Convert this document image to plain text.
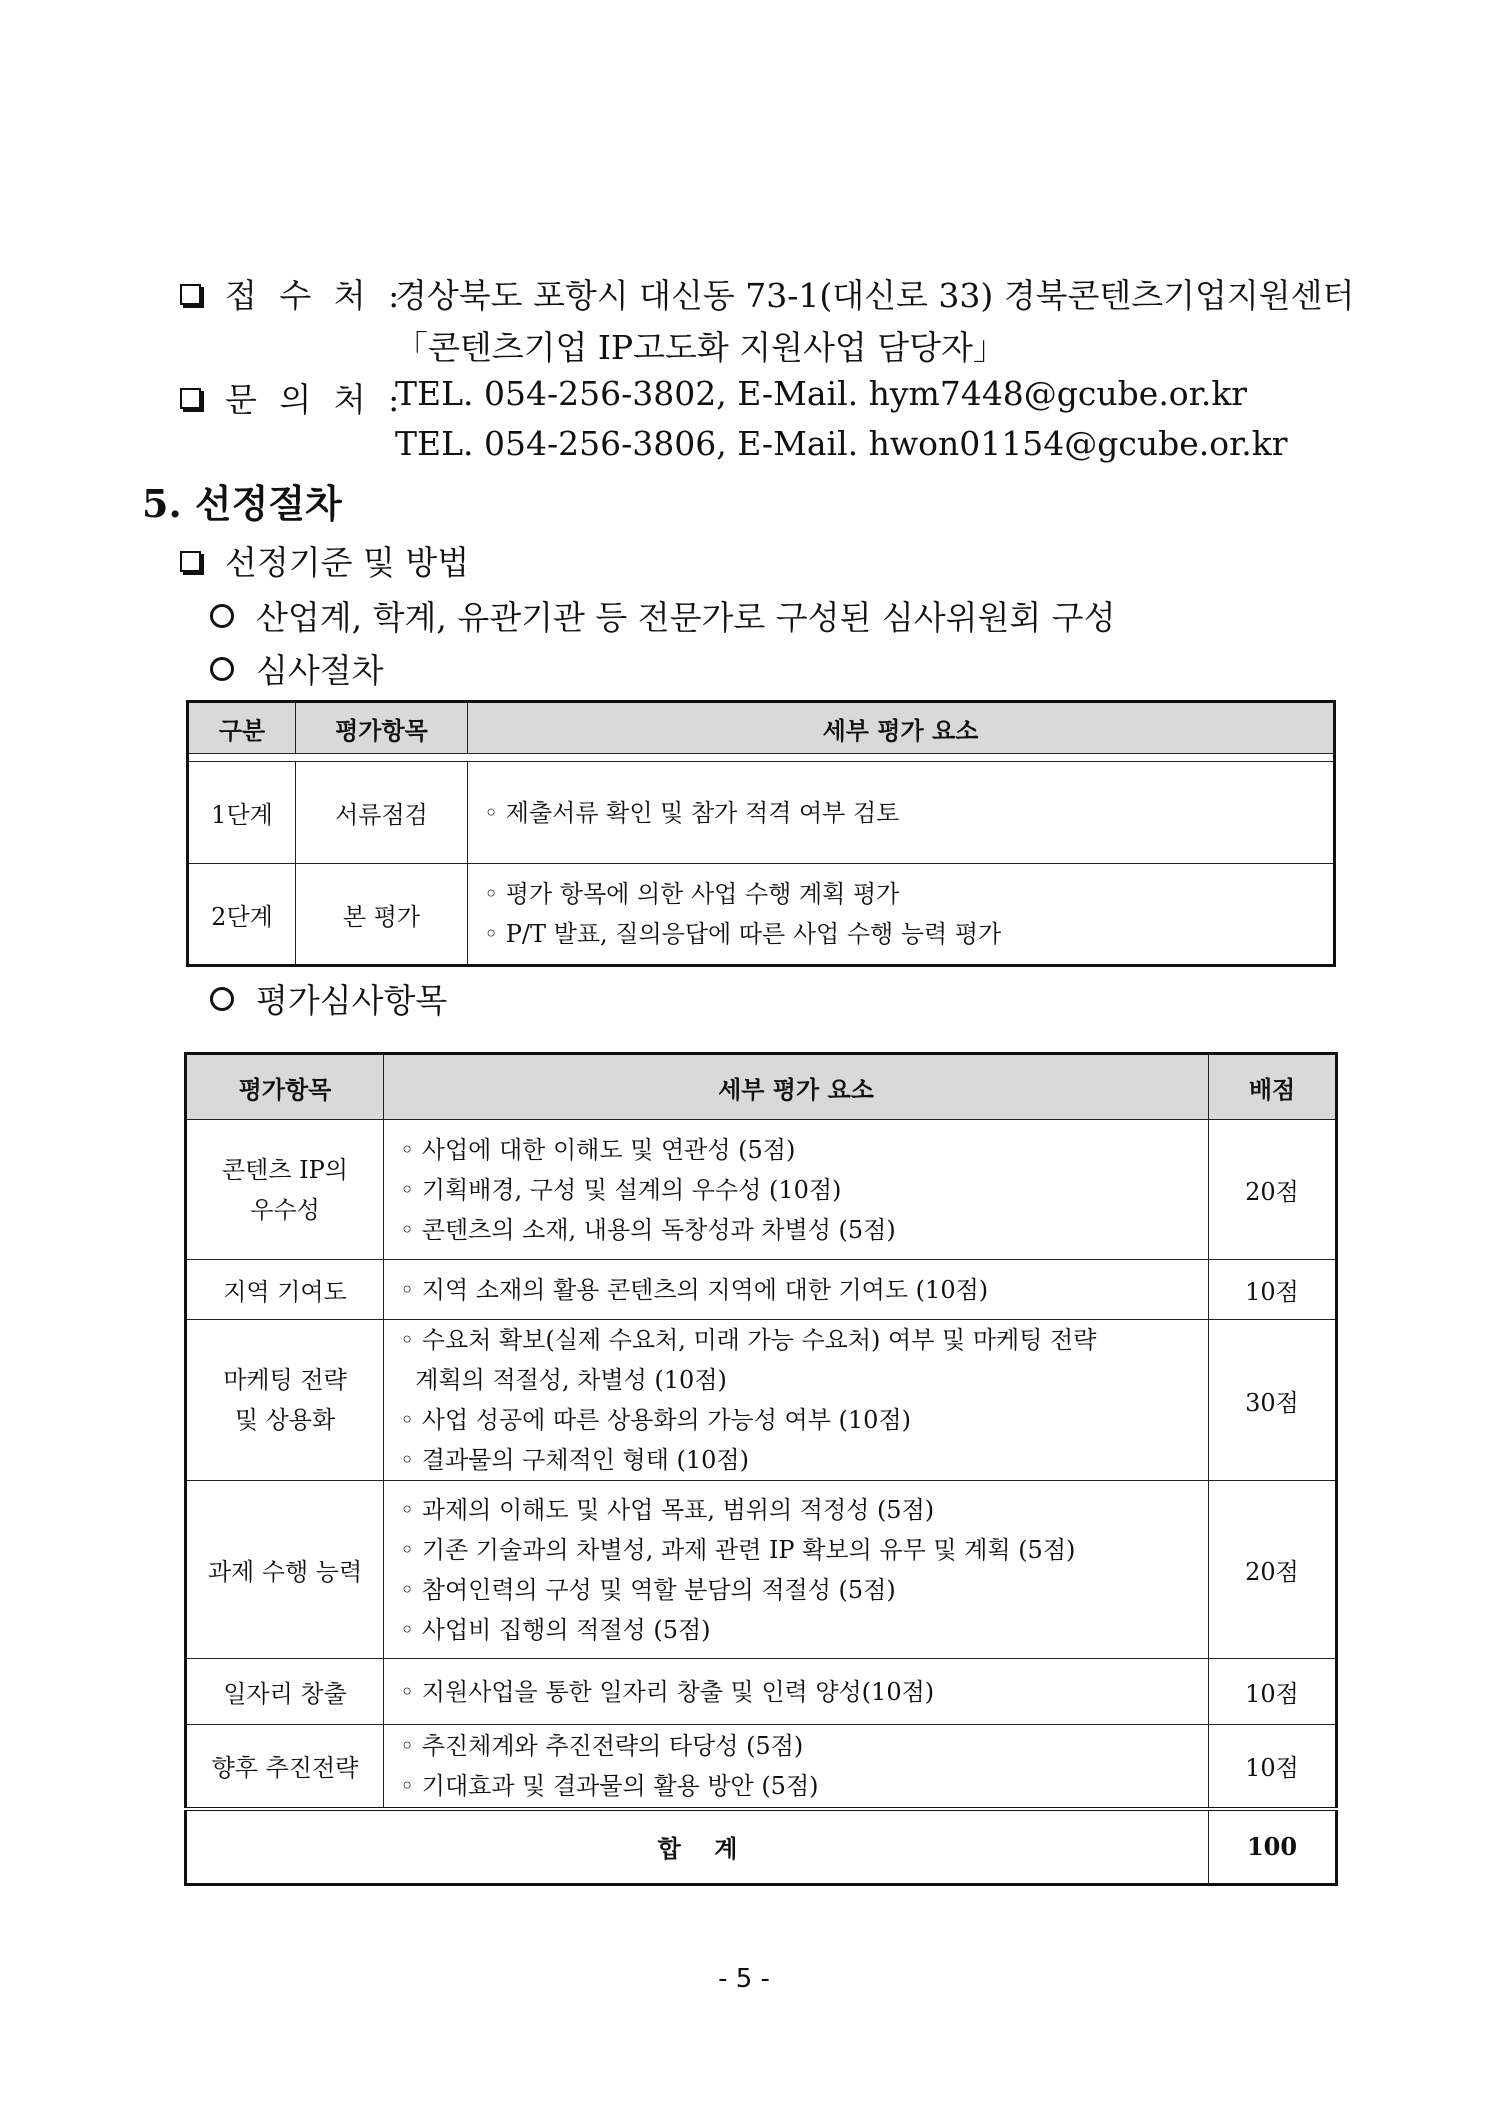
접 수 처 :
경상북도 포항시 대신동 73-1(대신로 33) 경북콘텐츠기업지원센터
「콘텐츠기업 IP고도화 지원사업 담당자」
문 의 처 :
TEL. 054-256-3802, E-Mail. hym7448@gcube.or.kr
TEL. 054-256-3806, E-Mail. hwon01154@gcube.or.kr
5. 선정절차
선정기준 및 방법
산업계, 학계, 유관기관 등 전문가로 구성된 심사위원회 구성
심사절차
구분	평가항목	세부 평가 요소

1단계	서류점검	◦ 제출서류 확인 및 참가 적격 여부 검토

2단계	본 평가	◦ 평가 항목에 의한 사업 수행 계획 평가
◦ P/T 발표, 질의응답에 따른 사업 수행 능력 평가
평가심사항목
평가항목	세부 평가 요소	배점

콘텐츠 IP의
우수성	◦ 사업에 대한 이해도 및 연관성 (5점)
◦ 기획배경, 구성 및 설계의 우수성 (10점)
◦ 콘텐츠의 소재, 내용의 독창성과 차별성 (5점)	20점
지역 기여도	◦ 지역 소재의 활용 콘텐츠의 지역에 대한 기여도 (10점)	10점

마케팅 전략
및 상용화	◦ 수요처 확보(실제 수요처, 미래 가능 수요처) 여부 및 마케팅 전략
계획의 적절성, 차별성 (10점)
◦ 사업 성공에 따른 상용화의 가능성 여부 (10점)
◦ 결과물의 구체적인 형태 (10점)	30점
과제 수행 능력	◦ 과제의 이해도 및 사업 목표, 범위의 적정성 (5점)
◦ 기존 기술과의 차별성, 과제 관련 IP 확보의 유무 및 계획 (5점)
◦ 참여인력의 구성 및 역할 분담의 적절성 (5점)
◦ 사업비 집행의 적절성 (5점)	20점
일자리 창출	◦ 지원사업을 통한 일자리 창출 및 인력 양성(10점)	10점
향후 추진전략	◦ 추진체계와 추진전략의 타당성 (5점)
◦ 기대효과 및 결과물의 활용 방안 (5점)	10점
합    계		100
- 5 -
